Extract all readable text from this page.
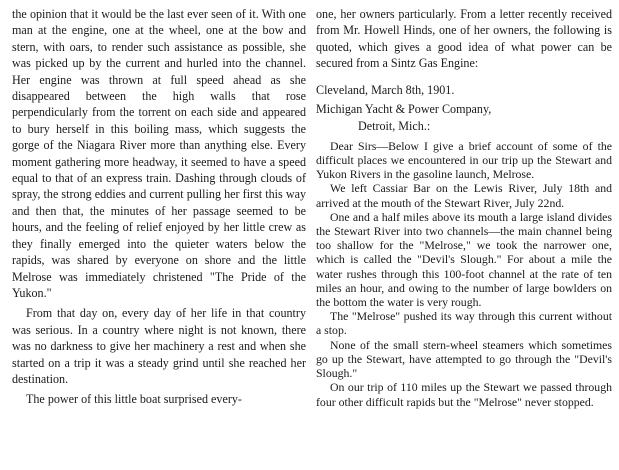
the opinion that it would be the last ever seen of it. With one man at the engine, one at the wheel, one at the bow and stern, with oars, to render such assistance as possible, she was picked up by the current and hurled into the channel. Her engine was thrown at full speed ahead as she disappeared between the high walls that rose perpendicularly from the torrent on each side and appeared to bury herself in this boiling mass, which suggests the gorge of the Niagara River more than anything else. Every moment gathering more headway, it seemed to have a speed equal to that of an express train. Dashing through clouds of spray, the strong eddies and current pulling her first this way and then that, the minutes of her passage seemed to be hours, and the feeling of relief enjoyed by her little crew as they finally emerged into the quieter waters below the rapids, was shared by everyone on shore and the little Melrose was immediately christened "The Pride of the Yukon."

From that day on, every day of her life in that country was serious. In a country where night is not known, there was no darkness to give her machinery a rest and when she started on a trip it was a steady grind until she reached her destination.

The power of this little boat surprised every-

one, her owners particularly. From a letter recently received from Mr. Howell Hinds, one of her owners, the following is quoted, which gives a good idea of what power can be secured from a Sintz Gas Engine:

Cleveland, March 8th, 1901.

Michigan Yacht & Power Company,

Detroit, Mich.:

Dear Sirs—Below I give a brief account of some of the difficult places we encountered in our trip up the Stewart and Yukon Rivers in the gasoline launch, Melrose.

We left Cassiar Bar on the Lewis River, July 18th and arrived at the mouth of the Stewart River, July 22nd.

One and a half miles above its mouth a large island divides the Stewart River into two channels—the main channel being too shallow for the "Melrose," we took the narrower one, which is called the "Devil's Slough." For about a mile the water rushes through this 100-foot channel at the rate of ten miles an hour, and owing to the number of large bowlders on the bottom the water is very rough.

The "Melrose" pushed its way through this current without a stop.

None of the small stern-wheel steamers which sometimes go up the Stewart, have attempted to go through the "Devil's Slough."

On our trip of 110 miles up the Stewart we passed through four other difficult rapids but the "Melrose" never stopped.
